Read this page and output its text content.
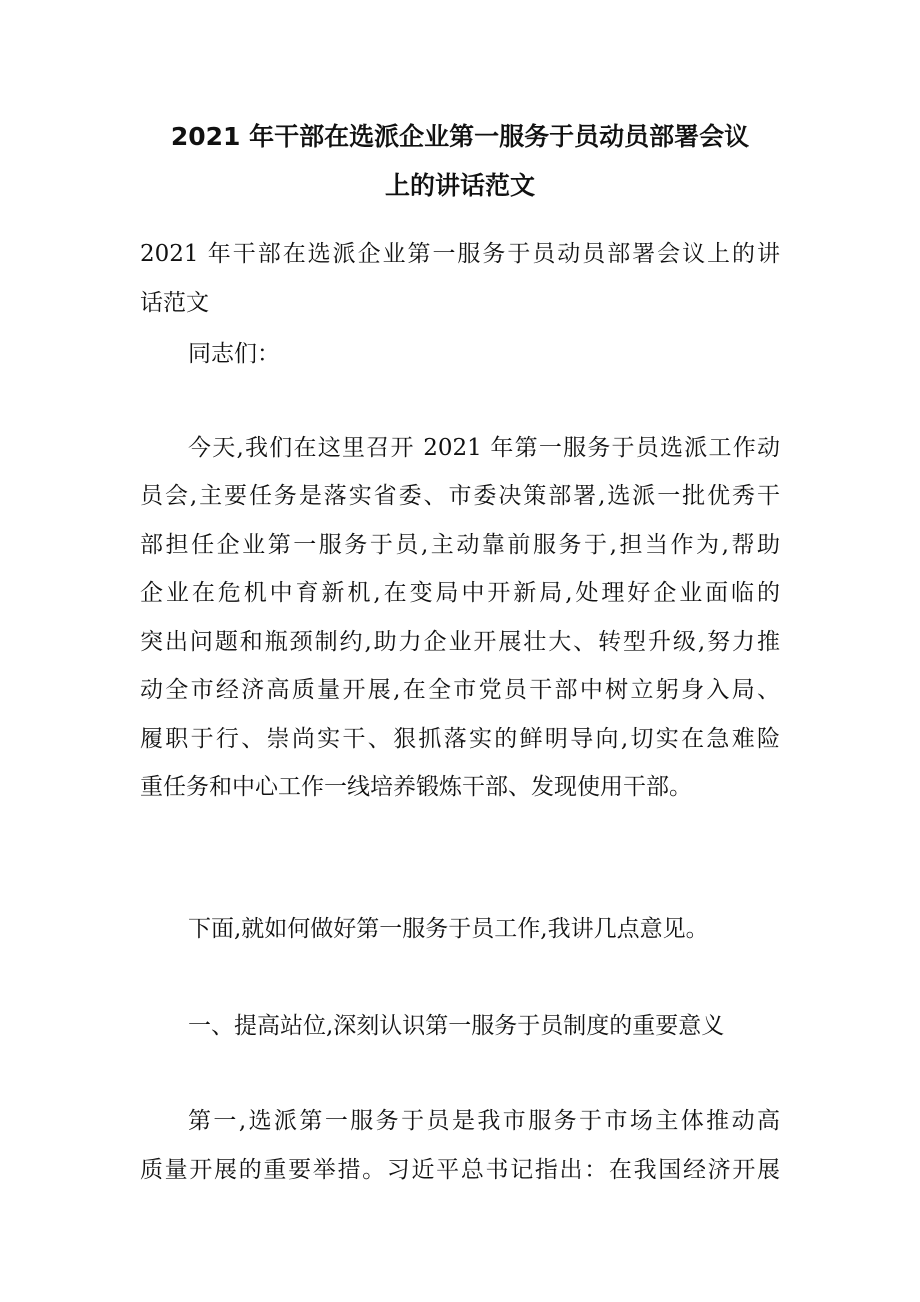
2021 年干部在选派企业第一服务于员动员部署会议
上的讲话范文

2021 年干部在选派企业第一服务于员动员部署会议上的讲

话范文

同志们：

今天,我们在这里召开 2021 年第一服务于员选派工作动

员会,主要任务是落实省委、市委决策部署,选派一批优秀干

部担任企业第一服务于员,主动靠前服务于,担当作为,帮助

企业在危机中育新机,在变局中开新局,处理好企业面临的

突出问题和瓶颈制约,助力企业开展壮大、转型升级,努力推

动全市经济高质量开展,在全市党员干部中树立躬身入局、

履职于行、崇尚实干、狠抓落实的鲜明导向,切实在急难险

重任务和中心工作一线培养锻炼干部、发现使用干部。

下面,就如何做好第一服务于员工作,我讲几点意见。

一、提高站位,深刻认识第一服务于员制度的重要意义

第一,选派第一服务于员是我市服务于市场主体推动高

质量开展的重要举措。习近平总书记指出：在我国经济开展
